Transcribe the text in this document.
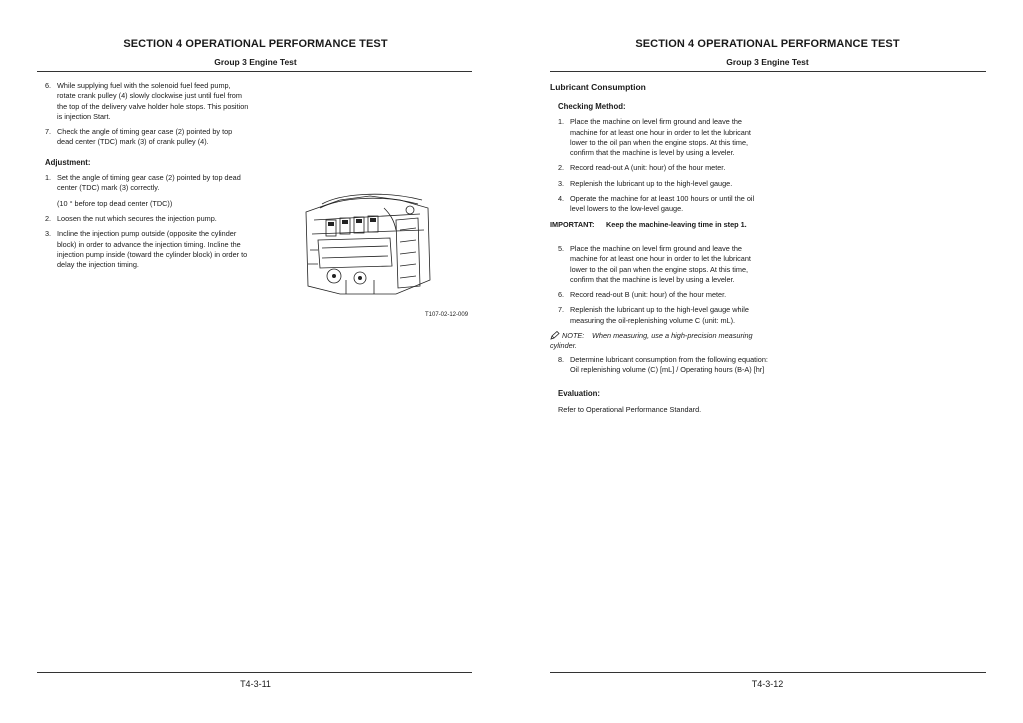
SECTION 4 OPERATIONAL PERFORMANCE TEST
Group 3 Engine Test
6. While supplying fuel with the solenoid fuel feed pump, rotate crank pulley (4) slowly clockwise just until fuel from the top of the delivery valve holder hole stops. This position is injection Start.
7. Check the angle of timing gear case (2) pointed by top dead center (TDC) mark (3) of crank pulley (4).
Adjustment:
1. Set the angle of timing gear case (2) pointed by top dead center (TDC) mark (3) correctly.
(10 ° before top dead center (TDC))
2. Loosen the nut which secures the injection pump.
3. Incline the injection pump outside (opposite the cylinder block) in order to advance the injection timing. Incline the injection pump inside (toward the cylinder block) in order to delay the injection timing.
T107-02-12-009
T4-3-11
SECTION 4 OPERATIONAL PERFORMANCE TEST
Group 3 Engine Test
Lubricant Consumption
Checking Method:
1. Place the machine on level firm ground and leave the machine for at least one hour in order to let the lubricant lower to the oil pan when the engine stops. At this time, confirm that the machine is level by using a leveler.
2. Record read-out A (unit: hour) of the hour meter.
3. Replenish the lubricant up to the high-level gauge.
4. Operate the machine for at least 100 hours or until the oil level lowers to the low-level gauge.
IMPORTANT:	Keep the machine-leaving time in step 1.
5. Place the machine on level firm ground and leave the machine for at least one hour in order to let the lubricant lower to the oil pan when the engine stops. At this time, confirm that the machine is level by using a leveler.
6. Record read-out B (unit: hour) of the hour meter.
7. Replenish the lubricant up to the high-level gauge while measuring the oil-replenishing volume C (unit: mL).
NOTE:	When measuring, use a high-precision measuring cylinder.
8. Determine lubricant consumption from the following equation: Oil replenishing volume (C) [mL] / Operating hours (B-A) [hr]
Evaluation:
Refer to Operational Performance Standard.
T4-3-12
